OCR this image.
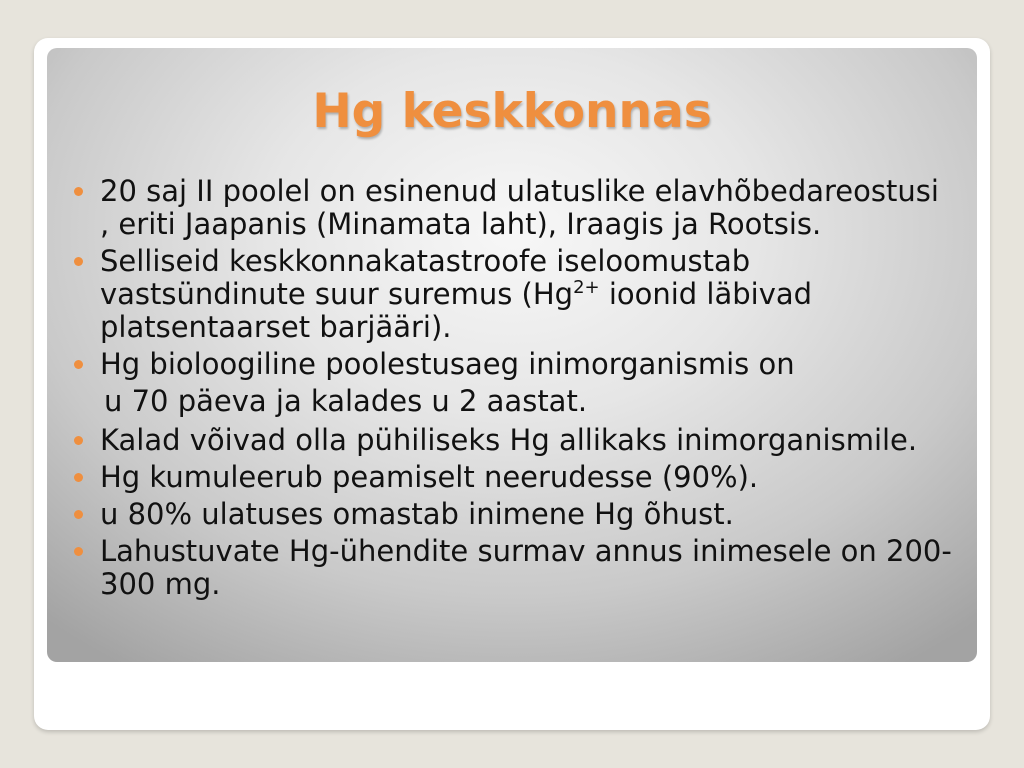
Hg keskkonnas
20 saj II poolel on esinenud ulatuslike elavhõbedareostusi , eriti Jaapanis (Minamata laht), Iraagis ja Rootsis.
Selliseid keskkonnakatastroofe iseloomustab vastsündinute suur suremus ($Hg^{2+}$ ioonid läbivad platsentaarset barjääri).
Hg bioloogiline poolestusaeg inimorganismis on
u 70 päeva ja kalades u 2 aastat.
Kalad võivad olla pühiliseks Hg allikaks inimorganismile.
Hg kumuleerub peamiselt neerudesse (90%).
u 80% ulatuses omastab inimene Hg õhust.
Lahustuvate Hg-ühendite surmav annus inimesele on 200-300 mg.
